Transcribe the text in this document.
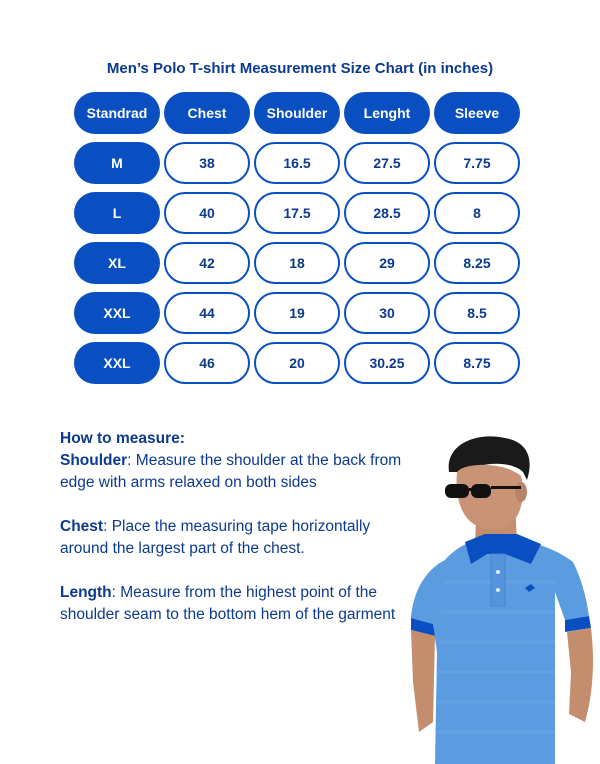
Men’s Polo T-shirt Measurement Size Chart (in inches)
Standrad	Chest	Shoulder	Lenght	Sleeve
M	38	16.5	27.5	7.75
L	40	17.5	28.5	8
XL	42	18	29	8.25
XXL	44	19	30	8.5
XXL	46	20	30.25	8.75
How to measure:

Shoulder: Measure the shoulder at the back from edge with arms relaxed on both sides

Chest: Place the measuring tape horizontally around the largest part of the chest.

Length: Measure from the highest point of the shoulder seam to the bottom hem of the garment
